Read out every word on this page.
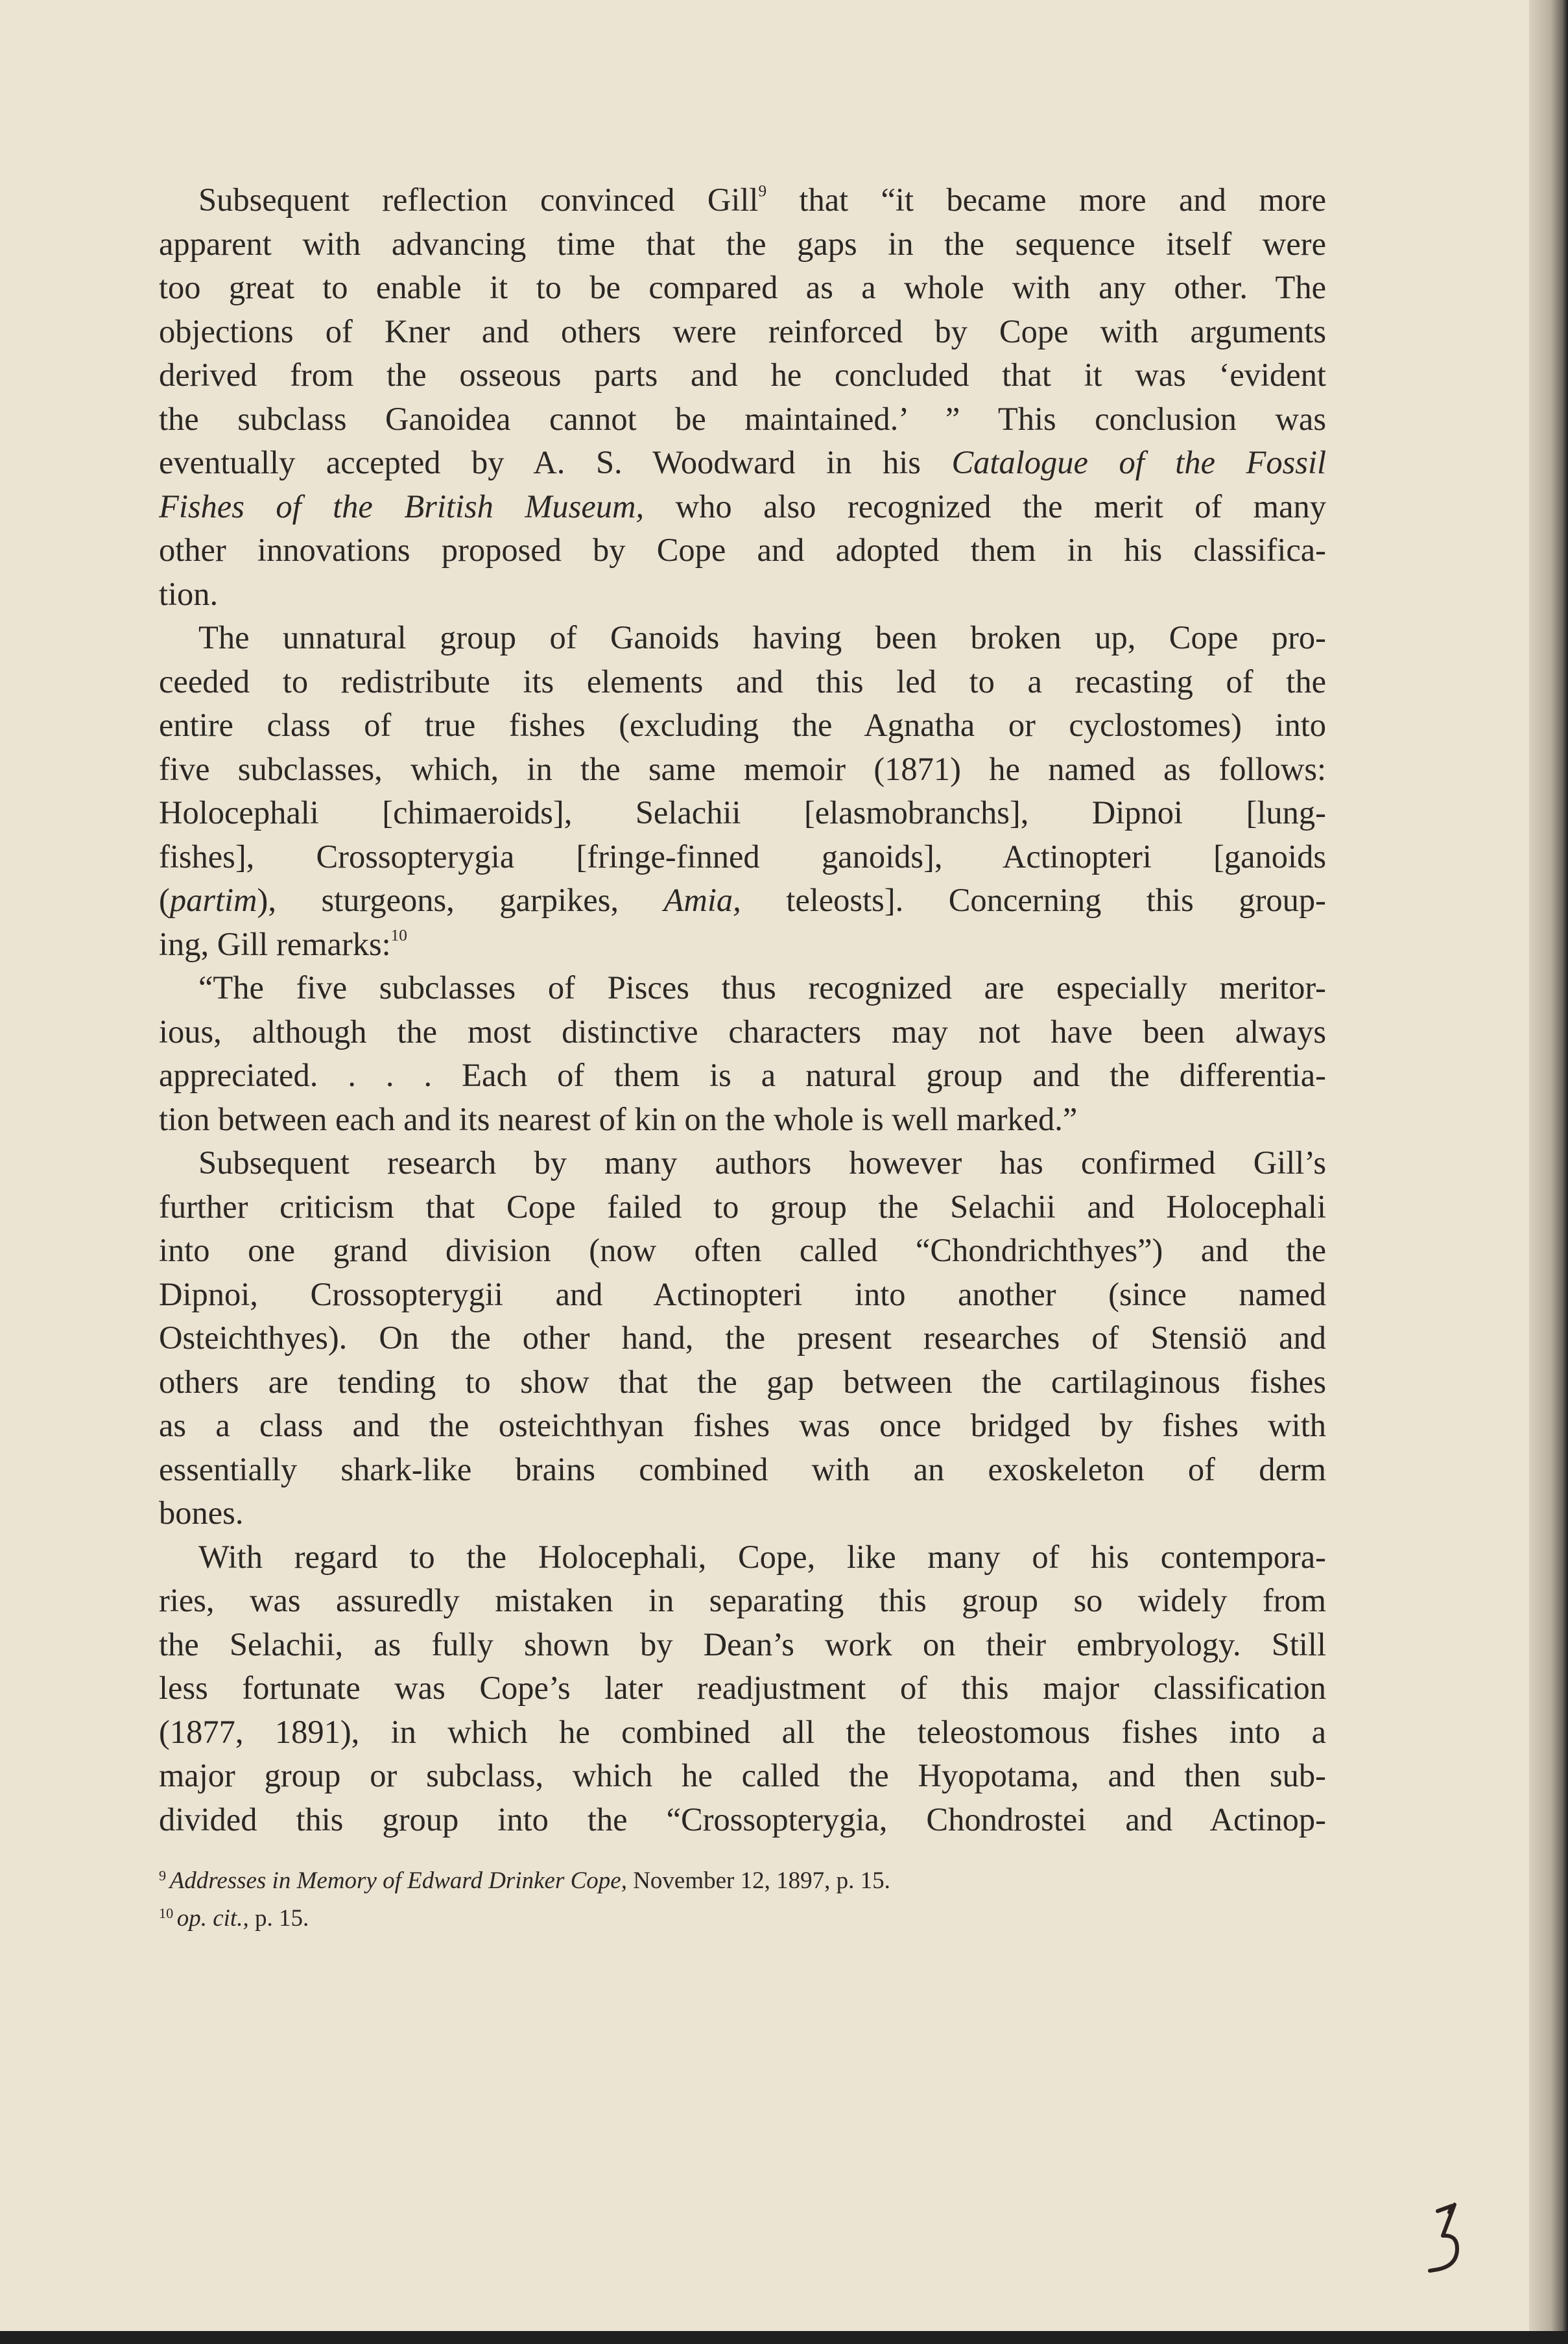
Subsequent reflection convinced Gill$^9$ that “it became more and more
apparent with advancing time that the gaps in the sequence itself were
too great to enable it to be compared as a whole with any other. The
objections of Kner and others were reinforced by Cope with arguments
derived from the osseous parts and he concluded that it was ‘evident
the subclass Ganoidea cannot be maintained.’ ” This conclusion was
eventually accepted by A. S. Woodward in his Catalogue of the Fossil
Fishes of the British Museum, who also recognized the merit of many
other innovations proposed by Cope and adopted them in his classifica-
tion.

The unnatural group of Ganoids having been broken up, Cope pro-
ceeded to redistribute its elements and this led to a recasting of the
entire class of true fishes (excluding the Agnatha or cyclostomes) into
five subclasses, which, in the same memoir (1871) he named as follows:
Holocephali [chimaeroids], Selachii [elasmobranchs], Dipnoi [lung-
fishes], Crossopterygia [fringe-finned ganoids], Actinopteri [ganoids
(partim), sturgeons, garpikes, Amia, teleosts]. Concerning this group-
ing, Gill remarks:$^{10}$

“The five subclasses of Pisces thus recognized are especially meritor-
ious, although the most distinctive characters may not have been always
appreciated. . . . Each of them is a natural group and the differentia-
tion between each and its nearest of kin on the whole is well marked.”

Subsequent research by many authors however has confirmed Gill’s
further criticism that Cope failed to group the Selachii and Holocephali
into one grand division (now often called “Chondrichthyes”) and the
Dipnoi, Crossopterygii and Actinopteri into another (since named
Osteichthyes). On the other hand, the present researches of Stensiö and
others are tending to show that the gap between the cartilaginous fishes
as a class and the osteichthyan fishes was once bridged by fishes with
essentially shark-like brains combined with an exoskeleton of derm
bones.

With regard to the Holocephali, Cope, like many of his contempora-
ries, was assuredly mistaken in separating this group so widely from
the Selachii, as fully shown by Dean’s work on their embryology. Still
less fortunate was Cope’s later readjustment of this major classification
(1877, 1891), in which he combined all the teleostomous fishes into a
major group or subclass, which he called the Hyopotama, and then sub-
divided this group into the “Crossopterygia, Chondrostei and Actinop-

$^9$ Addresses in Memory of Edward Drinker Cope, November 12, 1897, p. 15.
$^{10}$ op. cit., p. 15.
